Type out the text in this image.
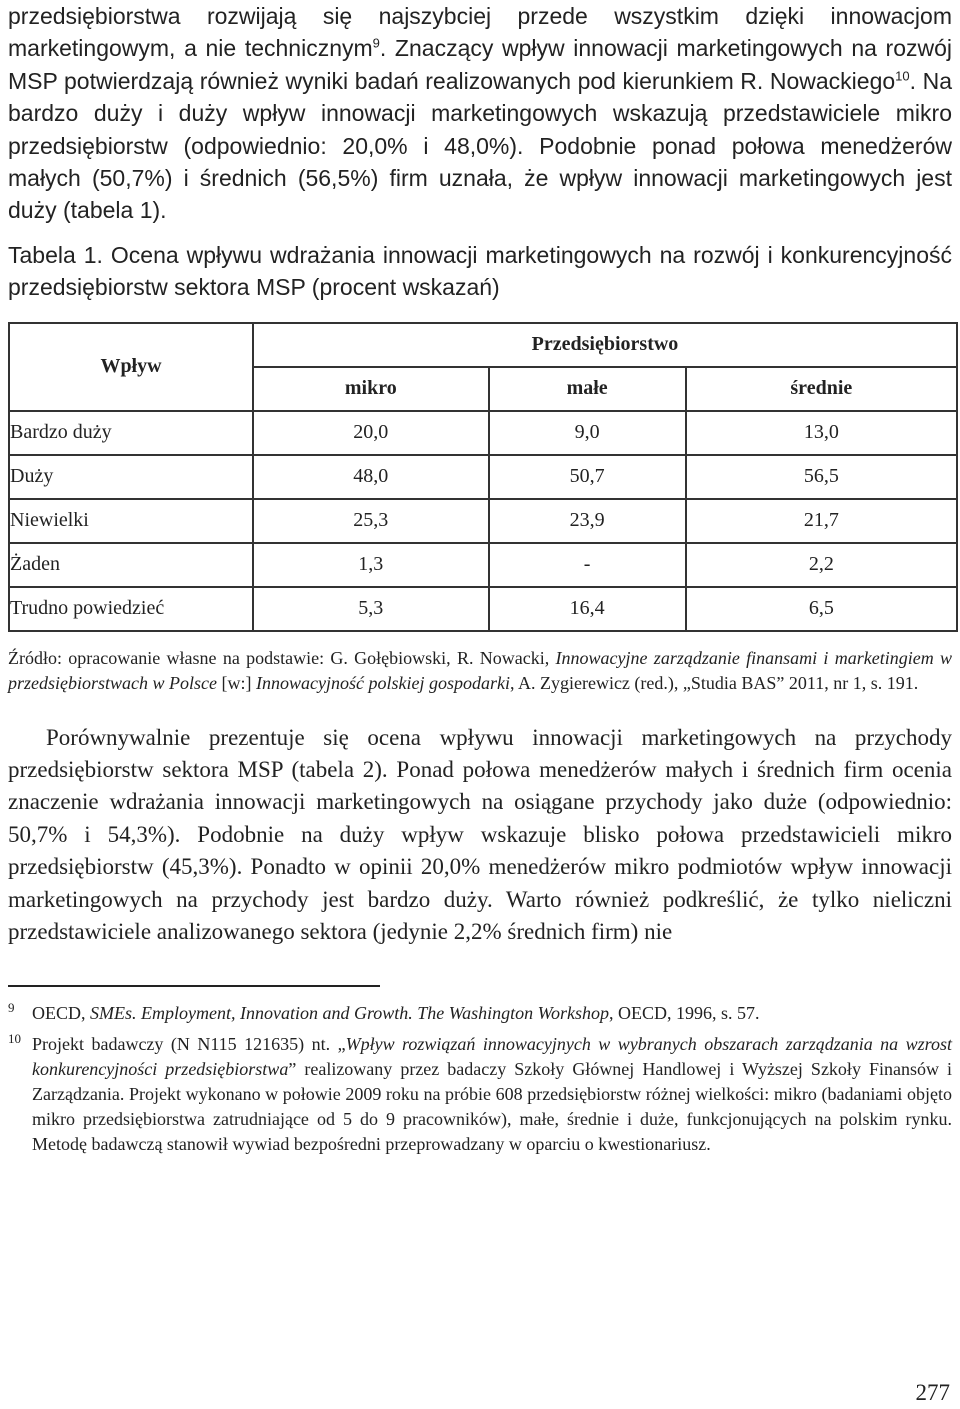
przedsiębiorstwa rozwijają się najszybciej przede wszystkim dzięki innowacjom marketingowym, a nie technicznym$^9$. Znaczący wpływ innowacji marketingowych na rozwój MSP potwierdzają również wyniki badań realizowanych pod kierunkiem R. Nowackiego$^{10}$. Na bardzo duży i duży wpływ innowacji marketingowych wskazują przedstawiciele mikro przedsiębiorstw (odpowiednio: 20,0% i 48,0%). Podobnie ponad połowa menedżerów małych (50,7%) i średnich (56,5%) firm uznała, że wpływ innowacji marketingowych jest duży (tabela 1).

Tabela 1. Ocena wpływu wdrażania innowacji marketingowych na rozwój i konkurencyjność przedsiębiorstw sektora MSP (procent wskazań)

Wpływ	Przedsiębiorstwo		
	mikro	małe	średnie
Bardzo duży	20,0	9,0	13,0
Duży	48,0	50,7	56,5
Niewielki	25,3	23,9	21,7
Żaden	1,3	-	2,2
Trudno powiedzieć	5,3	16,4	6,5

Źródło: opracowanie własne na podstawie: G. Gołębiowski, R. Nowacki, Innowacyjne zarządzanie finansami i marketingiem w przedsiębiorstwach w Polsce [w:] Innowacyjność polskiej gospodarki, A. Zygierewicz (red.), „Studia BAS” 2011, nr 1, s. 191.

Porównywalnie prezentuje się ocena wpływu innowacji marketingowych na przychody przedsiębiorstw sektora MSP (tabela 2). Ponad połowa menedżerów małych i średnich firm ocenia znaczenie wdrażania innowacji marketingowych na osiągane przychody jako duże (odpowiednio: 50,7% i 54,3%). Podobnie na duży wpływ wskazuje blisko połowa przedstawicieli mikro przedsiębiorstw (45,3%). Ponadto w opinii 20,0% menedżerów mikro podmiotów wpływ innowacji marketingowych na przychody jest bardzo duży. Warto również podkreślić, że tylko nieliczni przedstawiciele analizowanego sektora (jedynie 2,2% średnich firm) nie

9 OECD, SMEs. Employment, Innovation and Growth. The Washington Workshop, OECD, 1996, s. 57.

10 Projekt badawczy (N N115 121635) nt. „Wpływ rozwiązań innowacyjnych w wybranych obszarach zarządzania na wzrost konkurencyjności przedsiębiorstwa” realizowany przez badaczy Szkoły Głównej Handlowej i Wyższej Szkoły Finansów i Zarządzania. Projekt wykonano w połowie 2009 roku na próbie 608 przedsiębiorstw różnej wielkości: mikro (badaniami objęto mikro przedsiębiorstwa zatrudniające od 5 do 9 pracowników), małe, średnie i duże, funkcjonujących na polskim rynku. Metodę badawczą stanowił wywiad bezpośredni przeprowadzany w oparciu o kwestionariusz.

277
